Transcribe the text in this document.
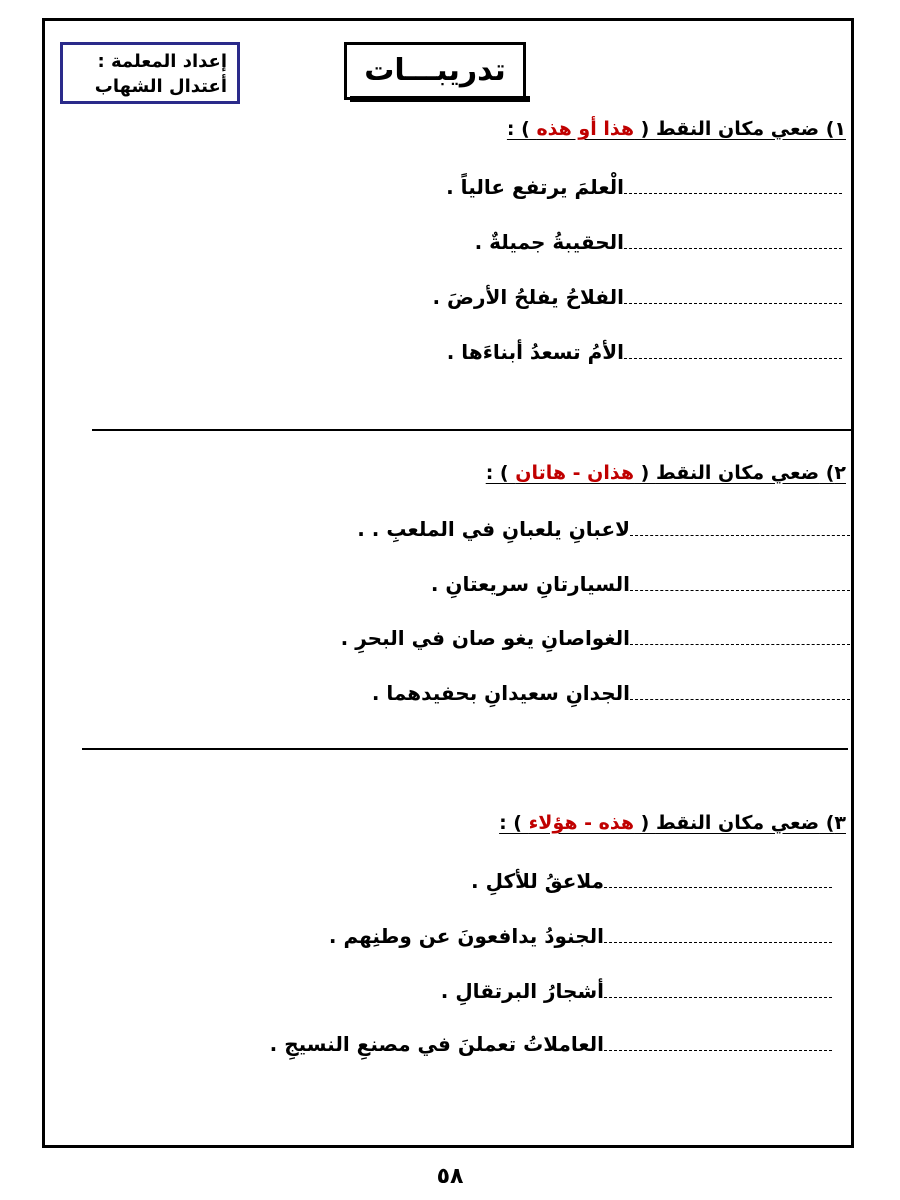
إعداد المعلمة :
أعتدال الشهاب	تدريبـــات
١) ضعي مكان النقط ( هذا أو هذه ) :
الْعلمَ يرتفع عالياً .
الحقيبةُ جميلةٌ .
الفلاحُ يفلحُ الأرضَ .
الأمُ تسعدُ أبناءَها .
٢) ضعي مكان النقط ( هذان - هاتان ) :
لاعبانِ يلعبانِ في الملعبِ . .
السيارتانِ سريعتانِ .
الغواصانِ يغو صان في البحرِ .
الجدانِ سعيدانِ بحفيدهما .
٣) ضعي مكان النقط ( هذه - هؤلاء ) :
ملاعقُ للأكلِ .
الجنودُ يدافعونَ عن وطنِهم .
أشجارُ البرتقالِ .
العاملاتُ تعملنَ في مصنعِ النسيجِ .
٥٨
